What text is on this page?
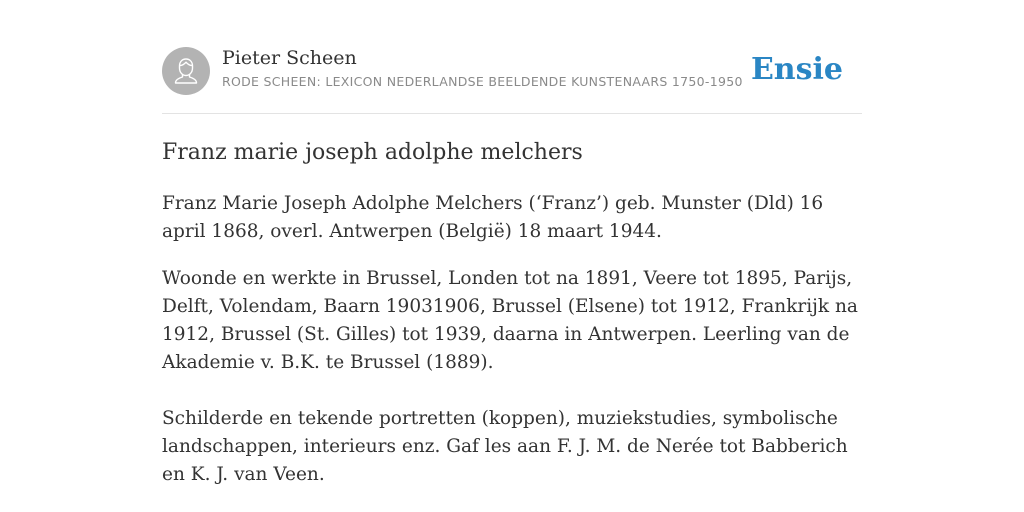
Pieter Scheen
RODE SCHEEN: LEXICON NEDERLANDSE BEELDENDE KUNSTENAARS 1750-1950 Ensie
Franz marie joseph adolphe melchers

Franz Marie Joseph Adolphe Melchers (‘Franz’) geb. Munster (Dld) 16 april 1868, overl. Antwerpen (België) 18 maart 1944.

Woonde en werkte in Brussel, Londen tot na 1891, Veere tot 1895, Parijs, Delft, Volendam, Baarn 19031906, Brussel (Elsene) tot 1912, Frankrijk na 1912, Brussel (St. Gilles) tot 1939, daarna in Antwerpen. Leerling van de Akademie v. B.K. te Brussel (1889).

Schilderde en tekende portretten (koppen), muziekstudies, symbolische landschappen, interieurs enz. Gaf les aan F. J. M. de Nerée tot Babberich en K. J. van Veen.
